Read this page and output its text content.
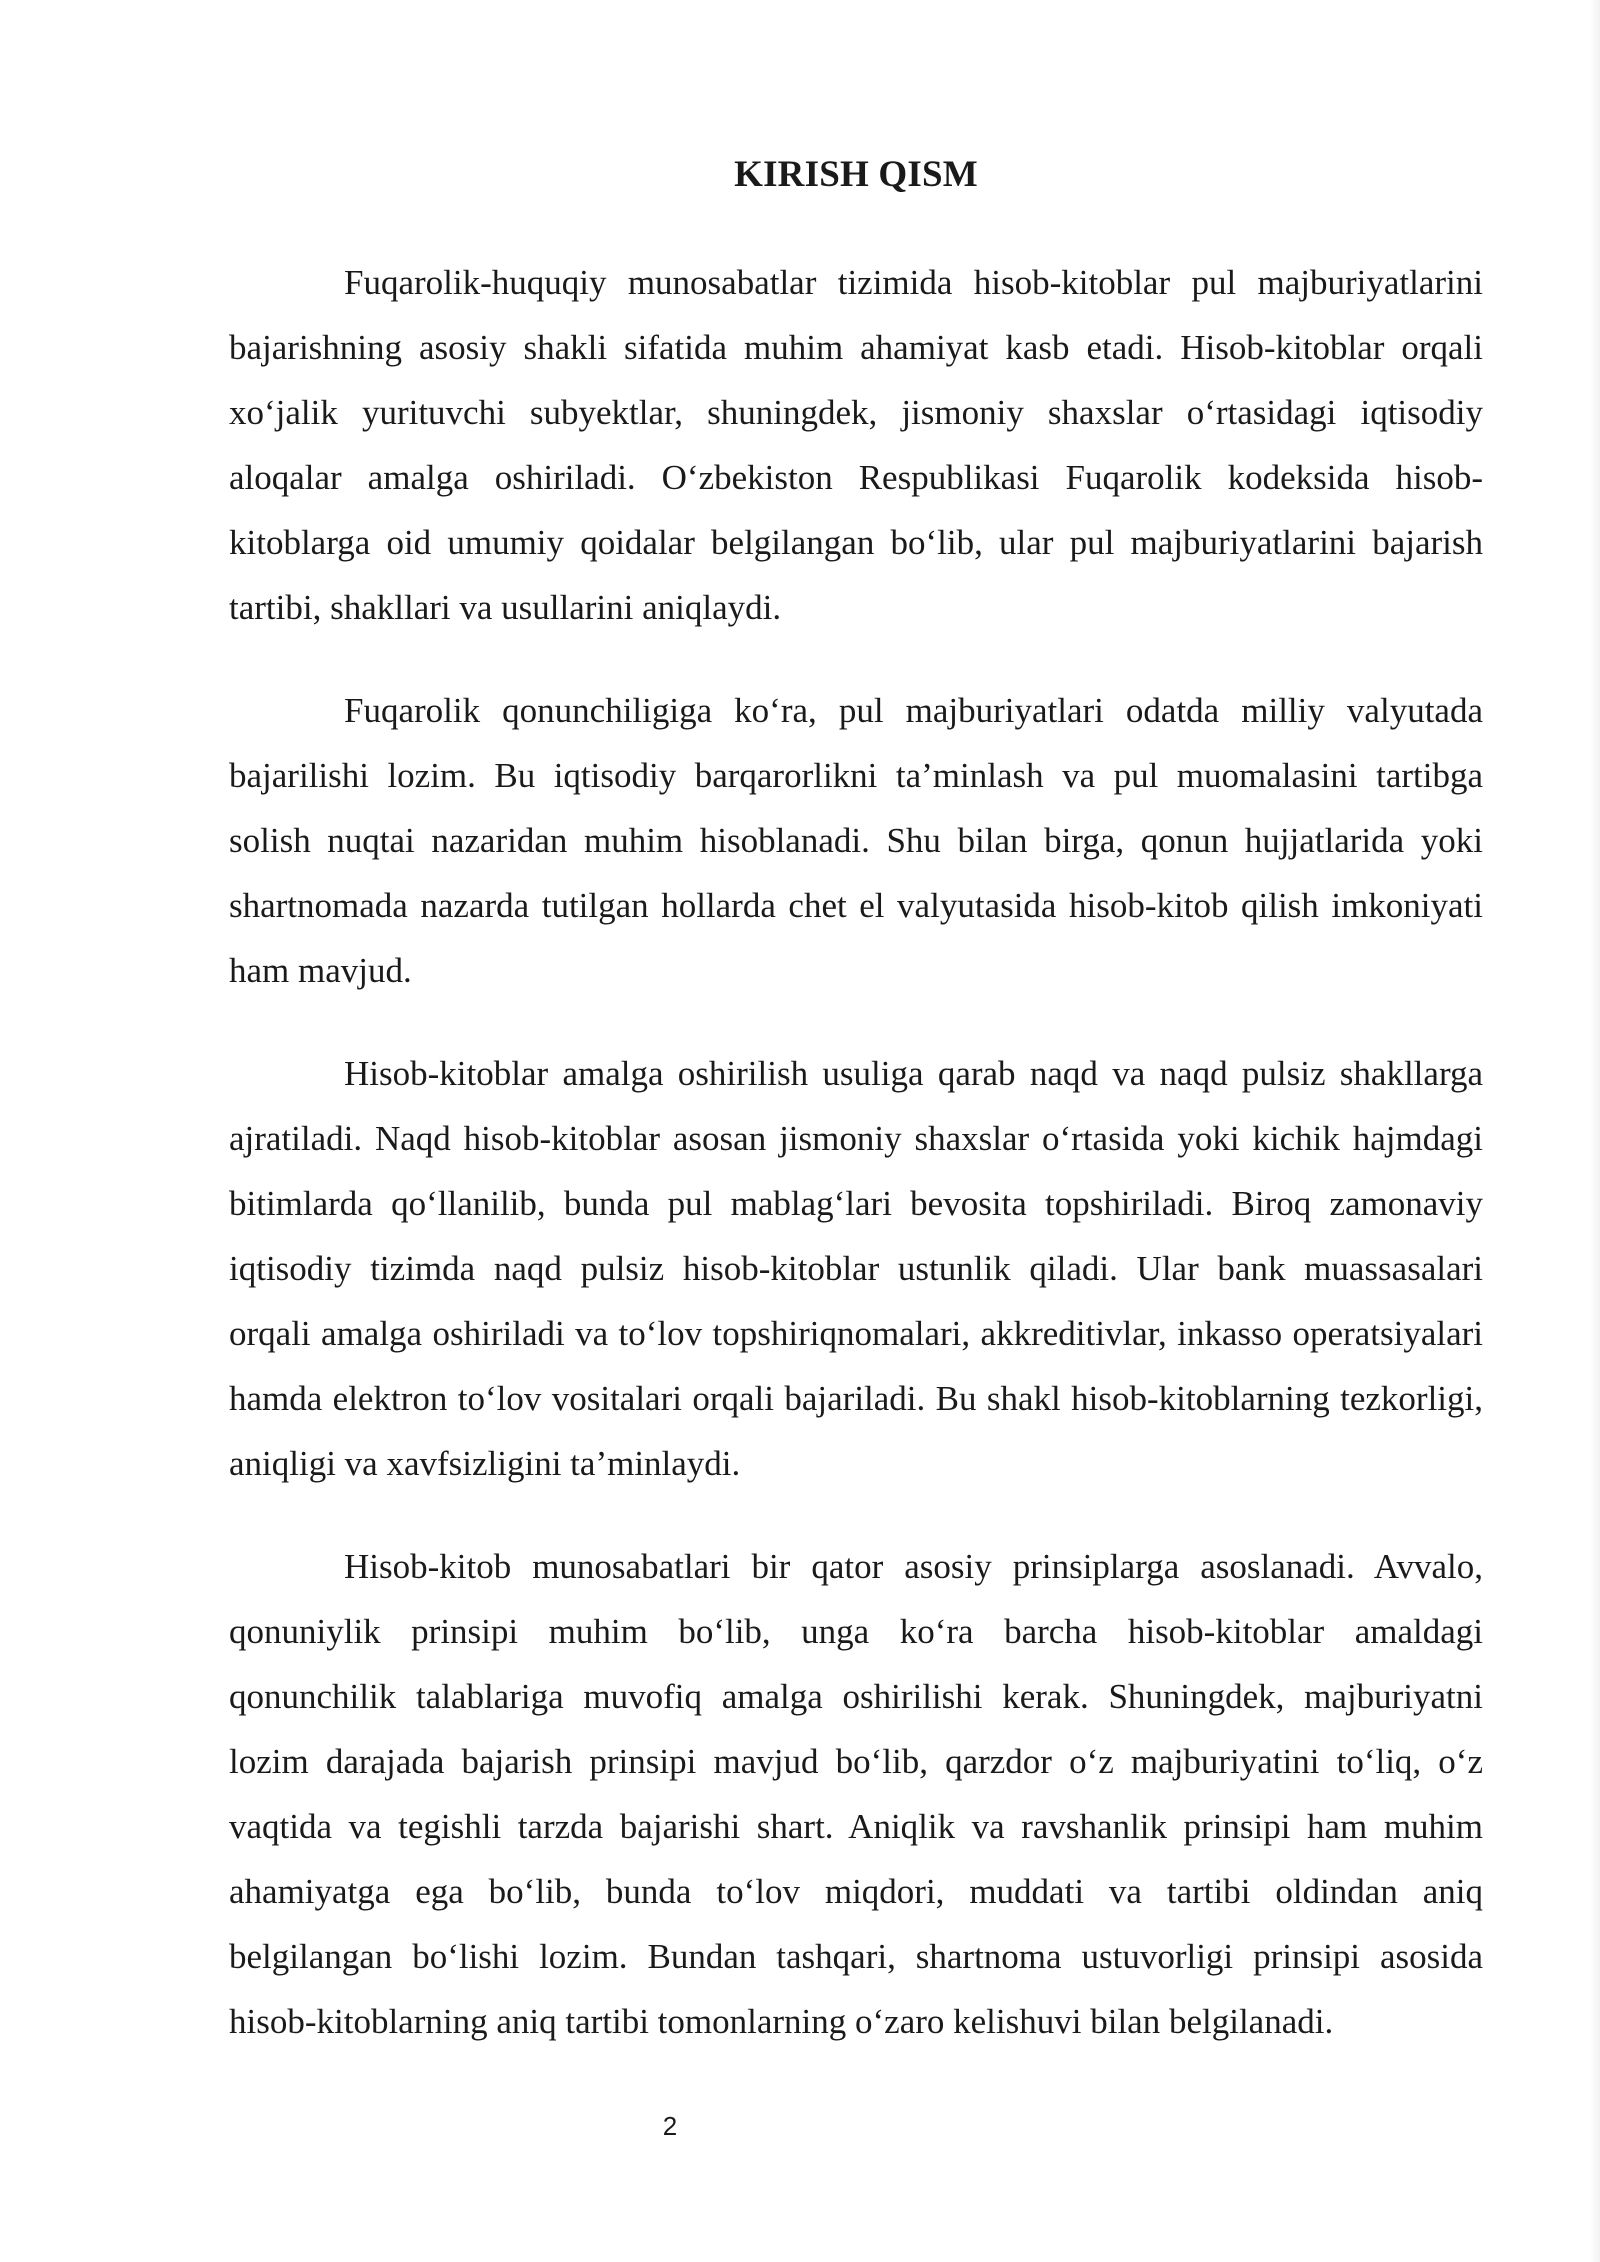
KIRISH QISM

Fuqarolik-huquqiy munosabatlar tizimida hisob-kitoblar pul majburiyatlarini bajarishning asosiy shakli sifatida muhim ahamiyat kasb etadi. Hisob-kitoblar orqali xo‘jalik yurituvchi subyektlar, shuningdek, jismoniy shaxslar o‘rtasidagi iqtisodiy aloqalar amalga oshiriladi. O‘zbekiston Respublikasi Fuqarolik kodeksida hisob-kitoblarga oid umumiy qoidalar belgilangan bo‘lib, ular pul majburiyatlarini bajarish tartibi, shakllari va usullarini aniqlaydi.

Fuqarolik qonunchiligiga ko‘ra, pul majburiyatlari odatda milliy valyutada bajarilishi lozim. Bu iqtisodiy barqarorlikni ta’minlash va pul muomalasini tartibga solish nuqtai nazaridan muhim hisoblanadi. Shu bilan birga, qonun hujjatlarida yoki shartnomada nazarda tutilgan hollarda chet el valyutasida hisob-kitob qilish imkoniyati ham mavjud.

Hisob-kitoblar amalga oshirilish usuliga qarab naqd va naqd pulsiz shakllarga ajratiladi. Naqd hisob-kitoblar asosan jismoniy shaxslar o‘rtasida yoki kichik hajmdagi bitimlarda qo‘llanilib, bunda pul mablag‘lari bevosita topshiriladi. Biroq zamonaviy iqtisodiy tizimda naqd pulsiz hisob-kitoblar ustunlik qiladi. Ular bank muassasalari orqali amalga oshiriladi va to‘lov topshiriqnomalari, akkreditivlar, inkasso operatsiyalari hamda elektron to‘lov vositalari orqali bajariladi. Bu shakl hisob-kitoblarning tezkorligi, aniqligi va xavfsizligini ta’minlaydi.

Hisob-kitob munosabatlari bir qator asosiy prinsiplarga asoslanadi. Avvalo, qonuniylik prinsipi muhim bo‘lib, unga ko‘ra barcha hisob-kitoblar amaldagi qonunchilik talablariga muvofiq amalga oshirilishi kerak. Shuningdek, majburiyatni lozim darajada bajarish prinsipi mavjud bo‘lib, qarzdor o‘z majburiyatini to‘liq, o‘z vaqtida va tegishli tarzda bajarishi shart. Aniqlik va ravshanlik prinsipi ham muhim ahamiyatga ega bo‘lib, bunda to‘lov miqdori, muddati va tartibi oldindan aniq belgilangan bo‘lishi lozim. Bundan tashqari, shartnoma ustuvorligi prinsipi asosida hisob-kitoblarning aniq tartibi tomonlarning o‘zaro kelishuvi bilan belgilanadi.

2
